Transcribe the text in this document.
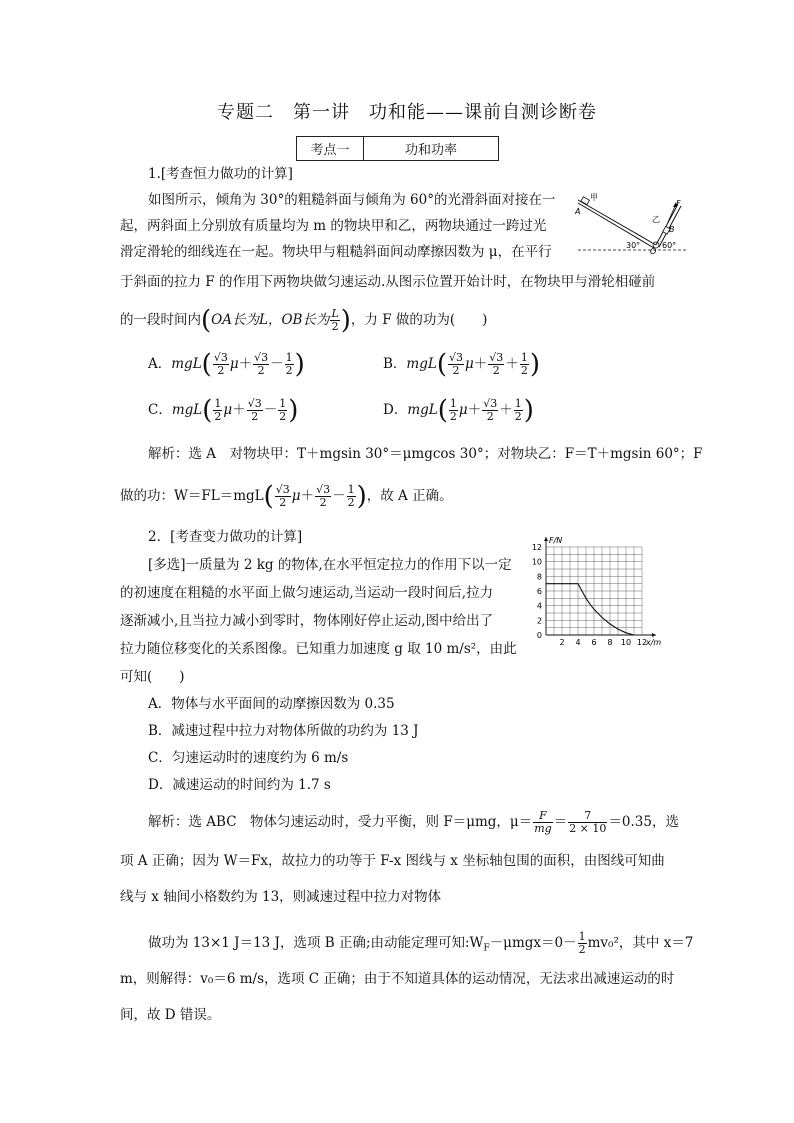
专题二　第一讲　功和能——课前自测诊断卷
考点一	功和功率
1.[考查恒力做功的计算]
如图所示，倾角为 30°的粗糙斜面与倾角为 60°的光滑斜面对接在一
起，两斜面上分别放有质量均为 m 的物块甲和乙，两物块通过一跨过光
滑定滑轮的细线连在一起。物块甲与粗糙斜面间动摩擦因数为 μ，在平行
于斜面的拉力 F 的作用下两物块做匀速运动.从图示位置开始计时，在物块甲与滑轮相碰前
的一段时间内(OA长为L，OB长为 $\frac{L}{2}$ )，力 F 做的功为(　　)
A．$mgL( \frac{√3}{2} \mu+ \frac{√3}{2} - \frac{1}{2}$ )	B．$mgL( \frac{√3}{2} \mu+ \frac{√3}{2} + \frac{1}{2}$ )
C．$mgL( \frac{1}{2} \mu+ \frac{√3}{2} - \frac{1}{2}$ )	D．$mgL( \frac{1}{2} \mu+ \frac{√3}{2} + \frac{1}{2}$ )
解析：选 A　对物块甲：T＋mgsin 30°＝μmgcos 30°；对物块乙：F＝T＋mgsin 60°；F
做的功：$W=FL=mgL( \frac{√3}{2} \mu+ \frac{√3}{2} - \frac{1}{2}$ )，故 A 正确。
甲
A
乙
B
F
O
30°	60°
2．[考查变力做功的计算]
[多选]一质量为 2 kg 的物体,在水平恒定拉力的作用下以一定
的初速度在粗糙的水平面上做匀速运动,当运动一段时间后,拉力
逐渐减小,且当拉力减小到零时，物体刚好停止运动,图中给出了
拉力随位移变化的关系图像。已知重力加速度 g 取 10 m/s²，由此
可知(　　)
A．物体与水平面间的动摩擦因数为 0.35
B．减速过程中拉力对物体所做的功约为 13 J
C．匀速运动时的速度约为 6 m/s
D．减速运动的时间约为 1.7 s
解析：选 ABC　物体匀速运动时，受力平衡，则 F＝μmg，$\mu= \frac{F}{mg} = \frac{7}{2 \times 10} =0.35$，选
项 A 正确；因为 W＝Fx，故拉力的功等于 F-x 图线与 x 坐标轴包围的面积，由图线可知曲
线与 x 轴间小格数约为 13，则减速过程中拉力对物体
做功为 13×1 J＝13 J，选项 B 正确;由动能定理可知$:W_F-\mu mgx=0- \frac{1}{2} mv_0^2$，其中 x＝7
m，则解得：v₀＝6 m/s，选项 C 正确；由于不知道具体的运动情况，无法求出减速运动的时
间，故 D 错误。
0
2
4
6
8
10
12
2 4 6 8 10 12
F/N
x/m
